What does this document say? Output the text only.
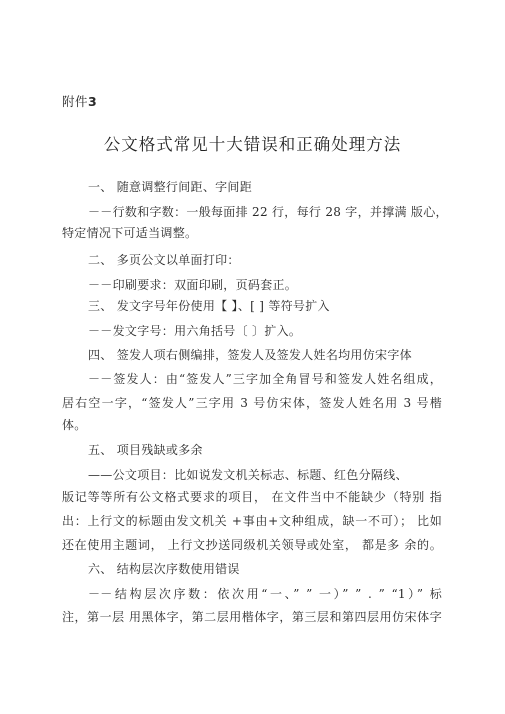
附件3
公文格式常见十大错误和正确处理方法
一、 随意调整行间距、字间距
－－行数和字数：一般每面排 22 行，每行 28 字，并撑满 版心，
特定情况下可适当调整。
二、 多页公文以单面打印：
－－印刷要求：双面印刷，页码套正。
三、 发文字号年份使用【 】、[ ] 等符号扩入
－－发文字号：用六角括号〔 〕扩入。
四、 签发人项右侧编排，签发人及签发人姓名均用仿宋字体
－－签发人：由“签发人”三字加全角冒号和签发人姓名组成，
居右空一字，“签发人”三字用 3 号仿宋体，签发人姓名用 3 号楷
体。
五、 项目残缺或多余
——公文项目：比如说发文机关标志、标题、红色分隔线、
版记等等所有公文格式要求的项目， 在文件当中不能缺少（特别 指
出：上行文的标题由发文机关 +事由+文种组成，缺一不可）； 比如
还在使用主题词， 上行文抄送同级机关领导或处室， 都是多 余的。
六、 结构层次序数使用错误
－－结构层次序数：依次用“一、” ” 一）” ” . ” “1）” 标
注，第一层 用黑体字，第二层用楷体字，第三层和第四层用仿宋体字
